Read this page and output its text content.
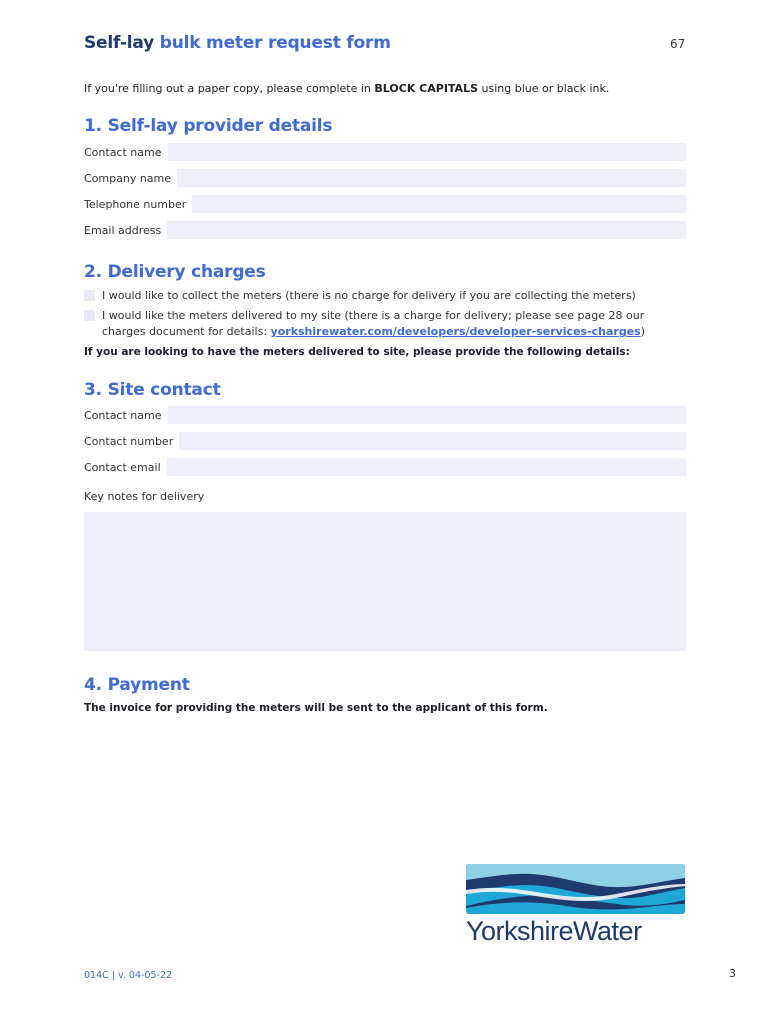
Self-lay bulk meter request form	67
If you're filling out a paper copy, please complete in BLOCK CAPITALS using blue or black ink.
1. Self-lay provider details
Contact name
Company name
Telephone number
Email address
2. Delivery charges
I would like to collect the meters (there is no charge for delivery if you are collecting the meters)
I would like the meters delivered to my site (there is a charge for delivery; please see page 28 our
charges document for details: yorkshirewater.com/developers/developer-services-charges)
If you are looking to have the meters delivered to site, please provide the following details:
3. Site contact
Contact name
Contact number
Contact email
Key notes for delivery
4. Payment
The invoice for providing the meters will be sent to the applicant of this form.
YorkshireWater
014C | v. 04-05-22	3
